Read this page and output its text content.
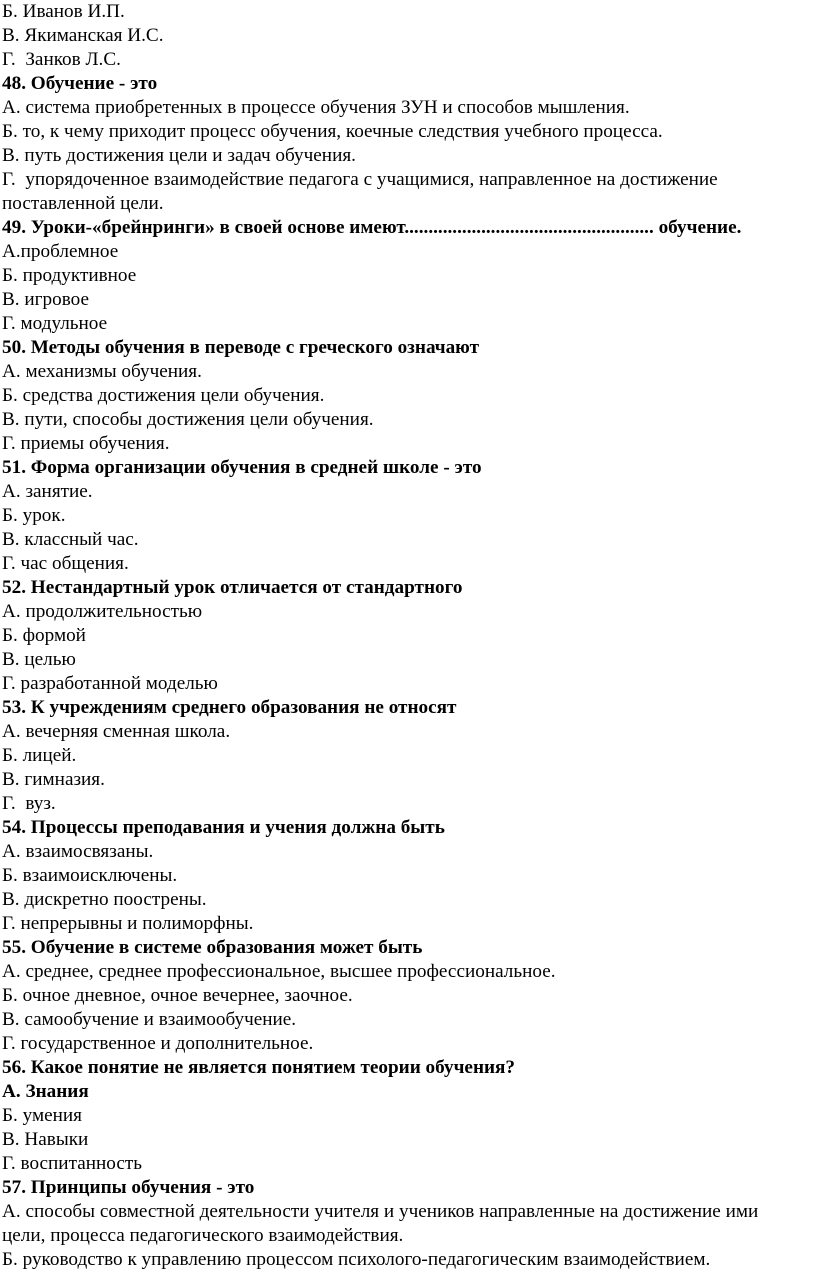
Б. Иванов И.П.
В. Якиманская И.С.
Г.  Занков Л.С.
48. Обучение - это
А. система приобретенных в процессе обучения ЗУН и способов мышления.
Б. то, к чему приходит процесс обучения, коечные следствия учебного процесса.
В. путь достижения цели и задач обучения.
Г.  упорядоченное взаимодействие педагога с учащимися, направленное на достижение поставленной цели.
49. Уроки-«брейнринги» в своей основе имеют.................................................... обучение.
А.проблемное
Б. продуктивное
В. игровое
Г. модульное
50. Методы обучения в переводе с греческого означают
А. механизмы обучения.
Б. средства достижения цели обучения.
В. пути, способы достижения цели обучения.
Г. приемы обучения.
51. Форма организации обучения в средней школе - это
А. занятие.
Б. урок.
В. классный час.
Г. час общения.
52. Нестандартный урок отличается от стандартного
А. продолжительностью
Б. формой
В. целью
Г. разработанной моделью
53. К учреждениям среднего образования не относят
А. вечерняя сменная школа.
Б. лицей.
В. гимназия.
Г.  вуз.
54. Процессы преподавания и учения должна быть
А. взаимосвязаны.
Б. взаимоисключены.
В. дискретно поострены.
Г. непрерывны и полиморфны.
55. Обучение в системе образования может быть
А. среднее, среднее профессиональное, высшее профессиональное.
Б. очное дневное, очное вечернее, заочное.
В. самообучение и взаимообучение.
Г. государственное и дополнительное.
56. Какое понятие не является понятием теории обучения?
А. Знания
Б. умения
В. Навыки
Г. воспитанность
57. Принципы обучения - это
А. способы совместной деятельности учителя и учеников направленные на достижение ими цели, процесса педагогического взаимодействия.
Б. руководство к управлению процессом психолого-педагогическим взаимодействием.
